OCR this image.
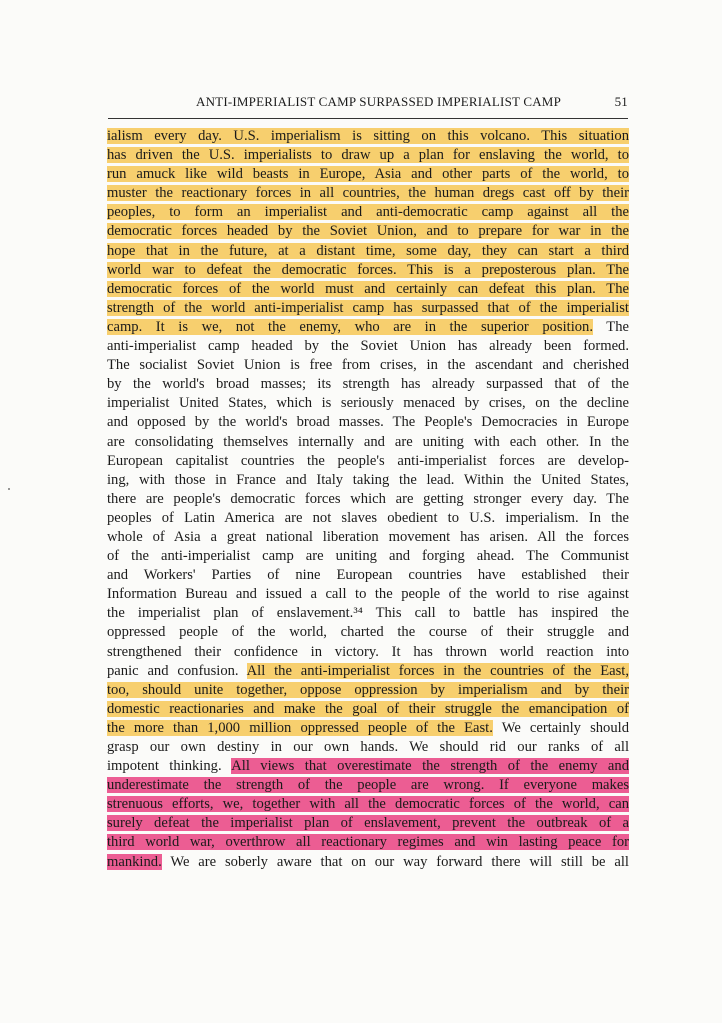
ANTI-IMPERIALIST CAMP SURPASSED IMPERIALIST CAMP	51
ialism every day. U.S. imperialism is sitting on this volcano. This situation
has driven the U.S. imperialists to draw up a plan for enslaving the world, to
run amuck like wild beasts in Europe, Asia and other parts of the world, to
muster the reactionary forces in all countries, the human dregs cast off by their
peoples, to form an imperialist and anti-democratic camp against all the
democratic forces headed by the Soviet Union, and to prepare for war in the
hope that in the future, at a distant time, some day, they can start a third
world war to defeat the democratic forces. This is a preposterous plan. The
democratic forces of the world must and certainly can defeat this plan. The
strength of the world anti-imperialist camp has surpassed that of the imperialist
camp. It is we, not the enemy, who are in the superior position. The
anti-imperialist camp headed by the Soviet Union has already been formed.
The socialist Soviet Union is free from crises, in the ascendant and cherished
by the world's broad masses; its strength has already surpassed that of the
imperialist United States, which is seriously menaced by crises, on the decline
and opposed by the world's broad masses. The People's Democracies in Europe
are consolidating themselves internally and are uniting with each other. In the
European capitalist countries the people's anti-imperialist forces are develop-
ing, with those in France and Italy taking the lead. Within the United States,
there are people's democratic forces which are getting stronger every day. The
peoples of Latin America are not slaves obedient to U.S. imperialism. In the
whole of Asia a great national liberation movement has arisen. All the forces
of the anti-imperialist camp are uniting and forging ahead. The Communist
and Workers' Parties of nine European countries have established their
Information Bureau and issued a call to the people of the world to rise against
the imperialist plan of enslavement.³⁴ This call to battle has inspired the
oppressed people of the world, charted the course of their struggle and
strengthened their confidence in victory. It has thrown world reaction into
panic and confusion. All the anti-imperialist forces in the countries of the East,
too, should unite together, oppose oppression by imperialism and by their
domestic reactionaries and make the goal of their struggle the emancipation of
the more than 1,000 million oppressed people of the East. We certainly should
grasp our own destiny in our own hands. We should rid our ranks of all
impotent thinking. All views that overestimate the strength of the enemy and
underestimate the strength of the people are wrong. If everyone makes
strenuous efforts, we, together with all the democratic forces of the world, can
surely defeat the imperialist plan of enslavement, prevent the outbreak of a
third world war, overthrow all reactionary regimes and win lasting peace for
mankind. We are soberly aware that on our way forward there will still be all
